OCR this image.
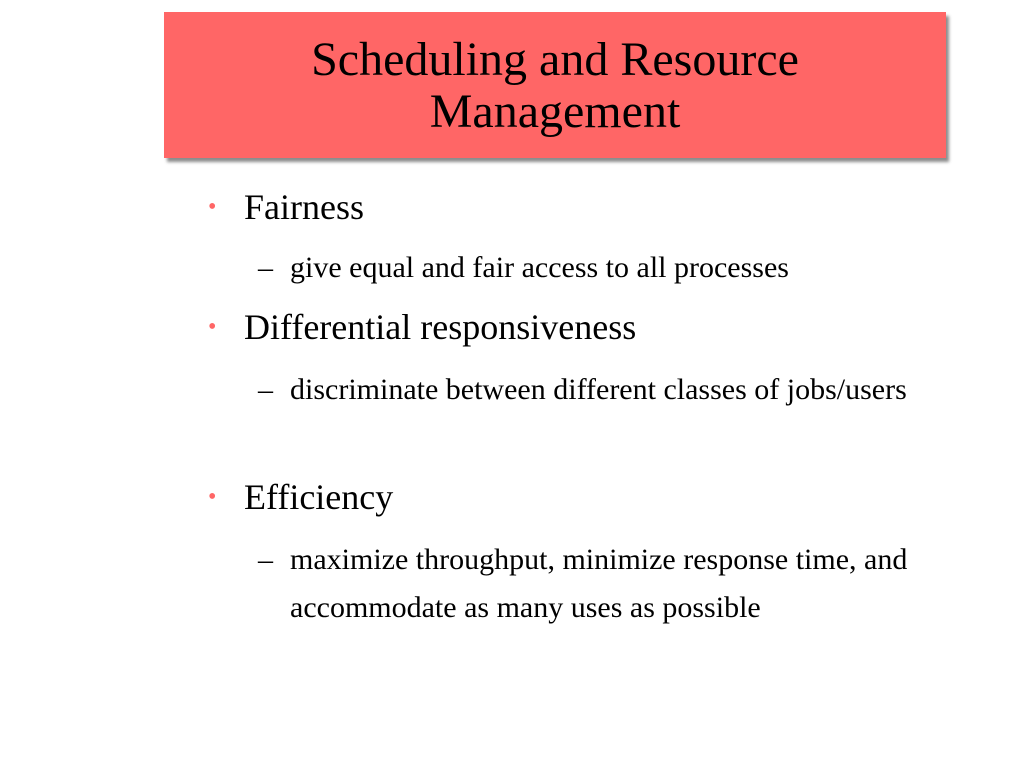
Scheduling and Resource Management
• Fairness
– give equal and fair access to all processes
• Differential responsiveness
– discriminate between different classes of jobs/users
• Efficiency
– maximize throughput, minimize response time, and accommodate as many uses as possible
